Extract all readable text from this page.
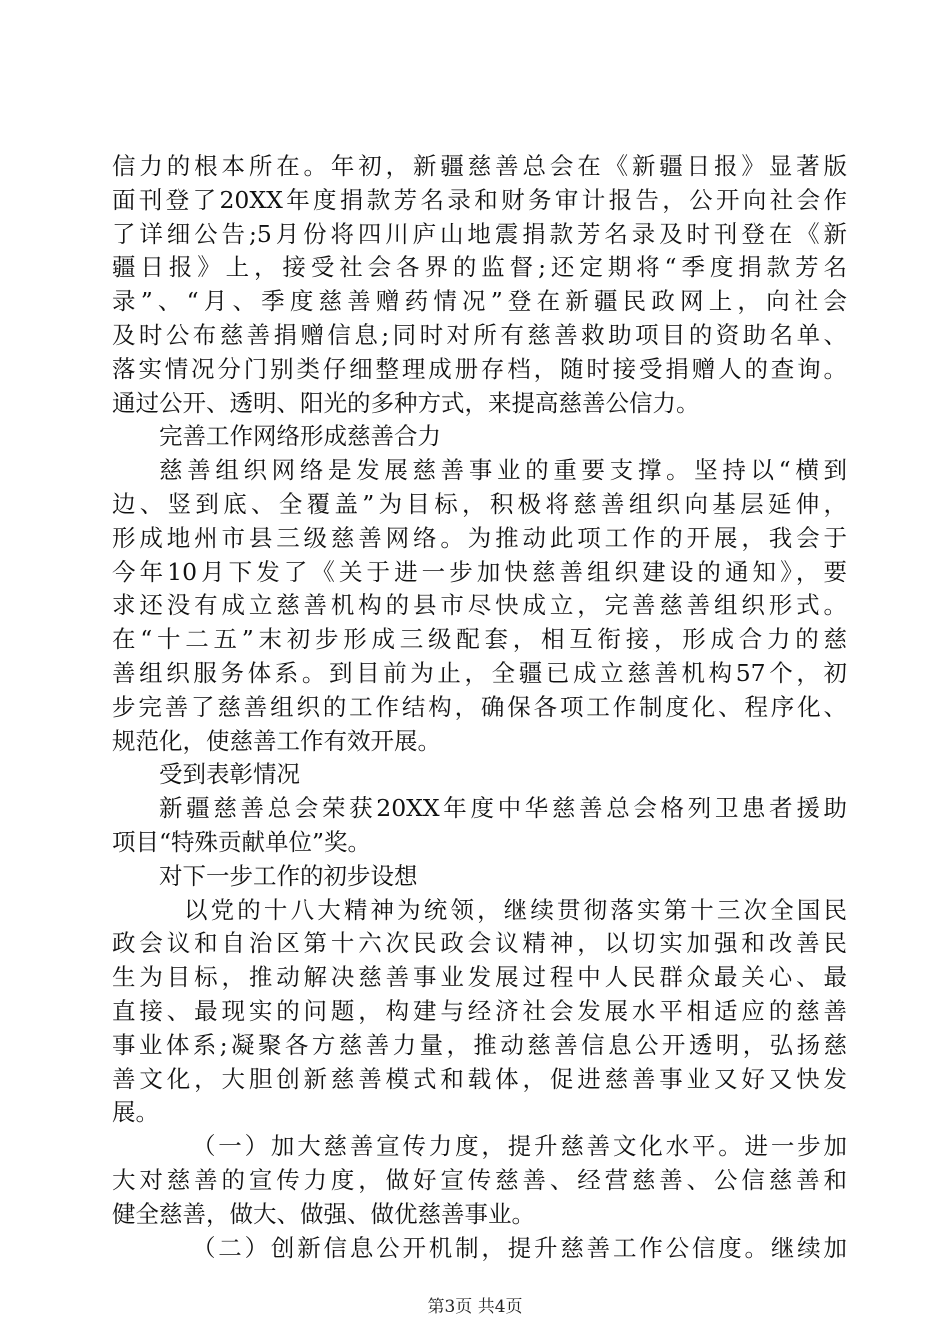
信力的根本所在。年初，新疆慈善总会在《新疆日报》显著版
面刊登了20XX年度捐款芳名录和财务审计报告，公开向社会作
了详细公告;5月份将四川庐山地震捐款芳名录及时刊登在《新
疆日报》上，接受社会各界的监督;还定期将“季度捐款芳名
录”、“月、季度慈善赠药情况”登在新疆民政网上，向社会
及时公布慈善捐赠信息;同时对所有慈善救助项目的资助名单、
落实情况分门别类仔细整理成册存档，随时接受捐赠人的查询。
通过公开、透明、阳光的多种方式，来提高慈善公信力。
完善工作网络形成慈善合力
慈善组织网络是发展慈善事业的重要支撑。坚持以“横到
边、竖到底、全覆盖”为目标，积极将慈善组织向基层延伸，
形成地州市县三级慈善网络。为推动此项工作的开展，我会于
今年10月下发了《关于进一步加快慈善组织建设的通知》，要
求还没有成立慈善机构的县市尽快成立，完善慈善组织形式。
在“十二五”末初步形成三级配套，相互衔接，形成合力的慈
善组织服务体系。到目前为止，全疆已成立慈善机构57个，初
步完善了慈善组织的工作结构，确保各项工作制度化、程序化、
规范化，使慈善工作有效开展。
受到表彰情况
新疆慈善总会荣获20XX年度中华慈善总会格列卫患者援助
项目“特殊贡献单位”奖。
对下一步工作的初步设想
以党的十八大精神为统领，继续贯彻落实第十三次全国民
政会议和自治区第十六次民政会议精神，以切实加强和改善民
生为目标，推动解决慈善事业发展过程中人民群众最关心、最
直接、最现实的问题，构建与经济社会发展水平相适应的慈善
事业体系;凝聚各方慈善力量，推动慈善信息公开透明，弘扬慈
善文化，大胆创新慈善模式和载体，促进慈善事业又好又快发
展。
（一）加大慈善宣传力度，提升慈善文化水平。进一步加
大对慈善的宣传力度，做好宣传慈善、经营慈善、公信慈善和
健全慈善，做大、做强、做优慈善事业。
（二）创新信息公开机制，提升慈善工作公信度。继续加
第3页 共4页
